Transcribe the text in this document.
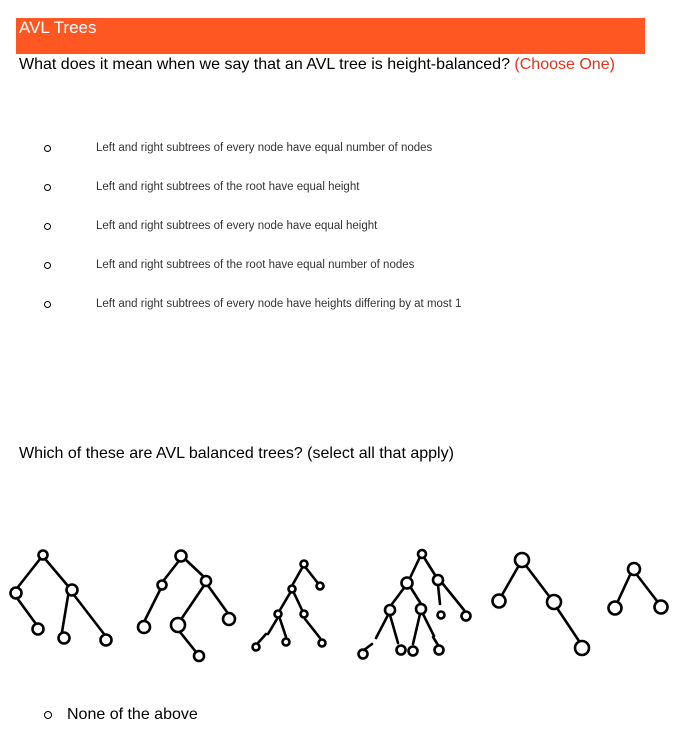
AVL Trees
What does it mean when we say that an AVL tree is height-balanced? (Choose One)
Left and right subtrees of every node have equal number of nodes
Left and right subtrees of the root have equal height
Left and right subtrees of every node have equal height
Left and right subtrees of the root have equal number of nodes
Left and right subtrees of every node have heights differing by at most 1
Which of these are AVL balanced trees? (select all that apply)
None of the above
